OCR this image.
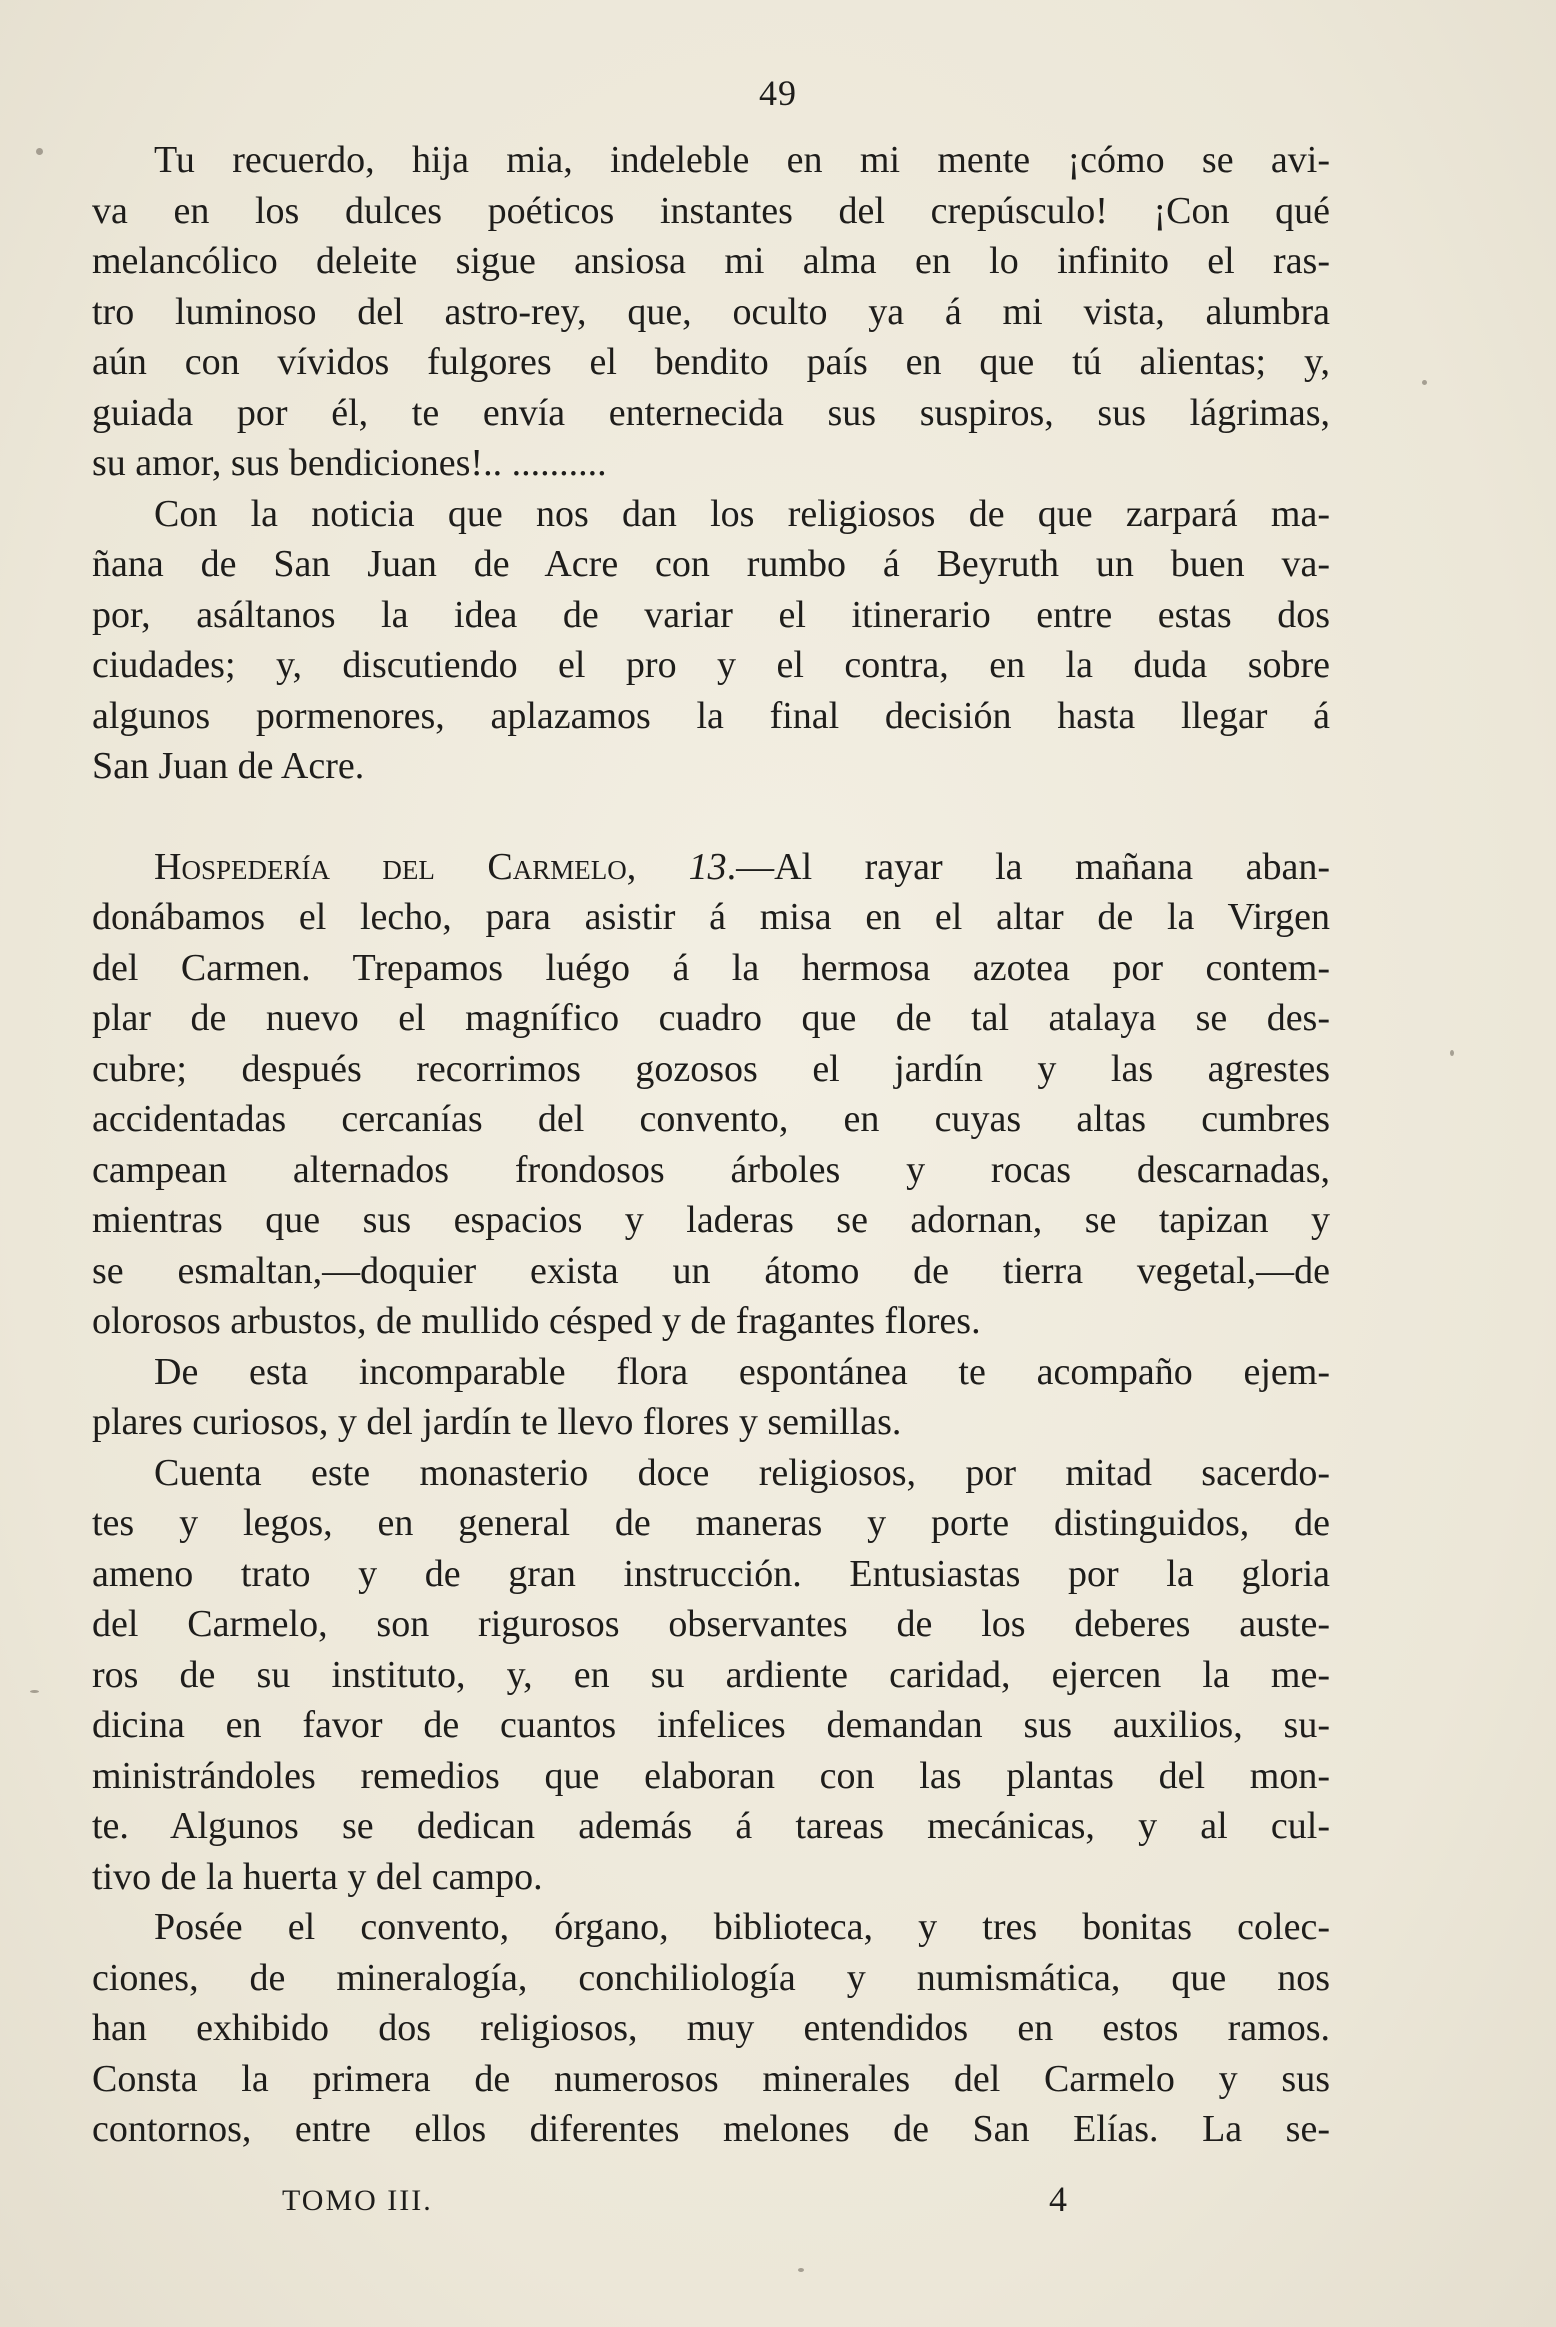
49
Tu recuerdo, hija mia, indeleble en mi mente ¡cómo se avi-
va en los dulces poéticos instantes del crepúsculo! ¡Con qué
melancólico deleite sigue ansiosa mi alma en lo infinito el ras-
tro luminoso del astro-rey, que, oculto ya á mi vista, alumbra
aún con vívidos fulgores el bendito país en que tú alientas; y,
guiada por él, te envía enternecida sus suspiros, sus lágrimas,
su amor, sus bendiciones!.. ..........
Con la noticia que nos dan los religiosos de que zarpará ma-
ñana de San Juan de Acre con rumbo á Beyruth un buen va-
por, asáltanos la idea de variar el itinerario entre estas dos
ciudades; y, discutiendo el pro y el contra, en la duda sobre
algunos pormenores, aplazamos la final decisión hasta llegar á
San Juan de Acre.
Hospedería del Carmelo, 13.—Al rayar la mañana aban-
donábamos el lecho, para asistir á misa en el altar de la Virgen
del Carmen. Trepamos luégo á la hermosa azotea por contem-
plar de nuevo el magnífico cuadro que de tal atalaya se des-
cubre; después recorrimos gozosos el jardín y las agrestes
accidentadas cercanías del convento, en cuyas altas cumbres
campean alternados frondosos árboles y rocas descarnadas,
mientras que sus espacios y laderas se adornan, se tapizan y
se esmaltan,—doquier exista un átomo de tierra vegetal,—de
olorosos arbustos, de mullido césped y de fragantes flores.
De esta incomparable flora espontánea te acompaño ejem-
plares curiosos, y del jardín te llevo flores y semillas.
Cuenta este monasterio doce religiosos, por mitad sacerdo-
tes y legos, en general de maneras y porte distinguidos, de
ameno trato y de gran instrucción. Entusiastas por la gloria
del Carmelo, son rigurosos observantes de los deberes auste-
ros de su instituto, y, en su ardiente caridad, ejercen la me-
dicina en favor de cuantos infelices demandan sus auxilios, su-
ministrándoles remedios que elaboran con las plantas del mon-
te. Algunos se dedican además á tareas mecánicas, y al cul-
tivo de la huerta y del campo.
Posée el convento, órgano, biblioteca, y tres bonitas colec-
ciones, de mineralogía, conchiliología y numismática, que nos
han exhibido dos religiosos, muy entendidos en estos ramos.
Consta la primera de numerosos minerales del Carmelo y sus
contornos, entre ellos diferentes melones de San Elías. La se-
TOMO III.	4
